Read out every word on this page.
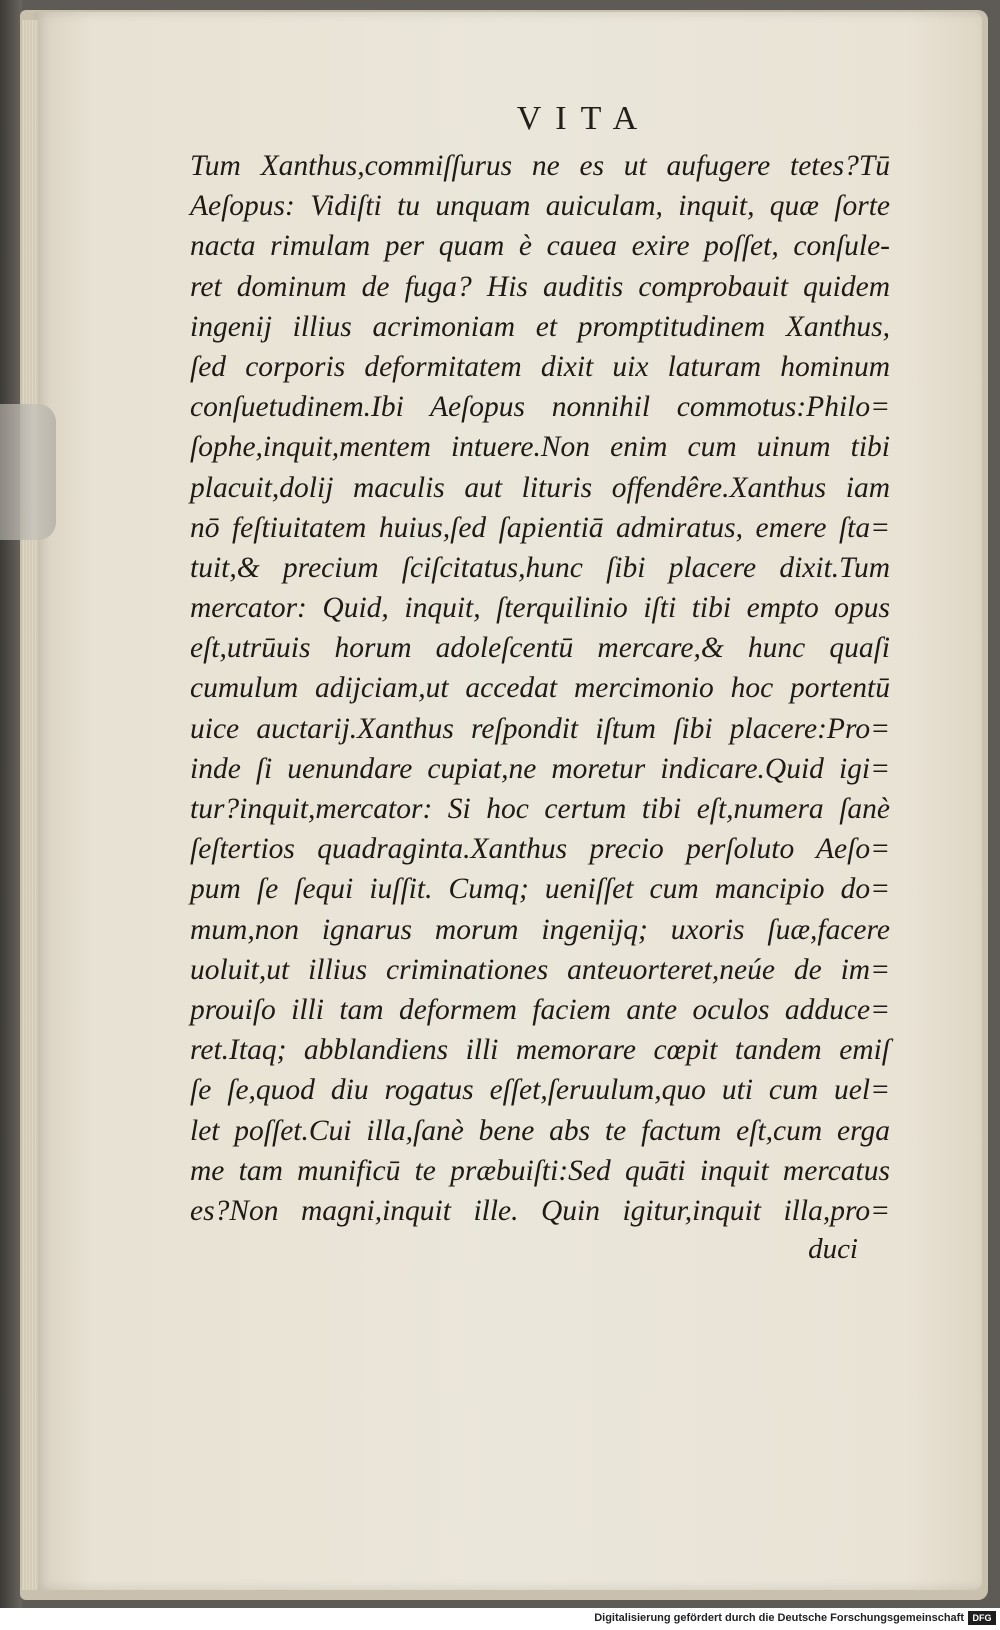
VITA
Tum Xanthus,commiſſurus ne es ut aufugere tetes?Tū
Aeſopus: Vidiſti tu unquam auiculam, inquit, quæ ſorte
nacta rimulam per quam è cauea exire poſſet, conſule-
ret dominum de fuga? His auditis comprobauit quidem
ingenij illius acrimoniam et promptitudinem Xanthus,
ſed corporis deformitatem dixit uix laturam hominum
conſuetudinem.Ibi Aeſopus nonnihil commotus:Philo=
ſophe,inquit,mentem intuere.Non enim cum uinum tibi
placuit,dolij maculis aut lituris offendêre.Xanthus iam
nō feſtiuitatem huius,ſed ſapientiā admiratus, emere ſta=
tuit,& precium ſciſcitatus,hunc ſibi placere dixit.Tum
mercator: Quid, inquit, ſterquilinio iſti tibi empto opus
eſt,utrūuis horum adoleſcentū mercare,& hunc quaſi
cumulum adijciam,ut accedat mercimonio hoc portentū
uice auctarij.Xanthus reſpondit iſtum ſibi placere:Pro=
inde ſi uenundare cupiat,ne moretur indicare.Quid igi=
tur?inquit,mercator: Si hoc certum tibi eſt,numera ſanè
ſeſtertios quadraginta.Xanthus precio perſoluto Aeſo=
pum ſe ſequi iuſſit. Cumq; ueniſſet cum mancipio do=
mum,non ignarus morum ingenijq; uxoris ſuæ,facere
uoluit,ut illius criminationes anteuorteret,neúe de im=
prouiſo illi tam deformem faciem ante oculos adduce=
ret.Itaq; abblandiens illi memorare cœpit tandem emiſ
ſe ſe,quod diu rogatus eſſet,ſeruulum,quo uti cum uel=
let poſſet.Cui illa,ſanè bene abs te factum eſt,cum erga
me tam munificū te præbuiſti:Sed quāti inquit mercatus
es?Non magni,inquit ille. Quin igitur,inquit illa,pro=
duci
Digitalisierung gefördert durch die Deutsche Forschungsgemeinschaft DFG
